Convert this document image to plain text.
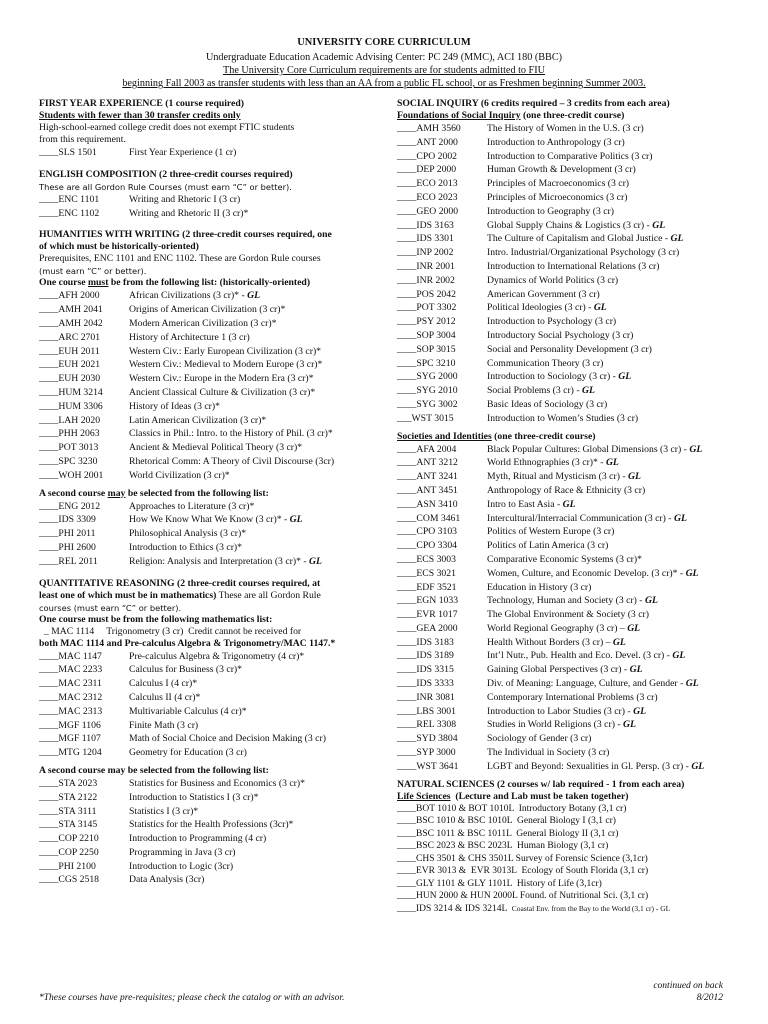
UNIVERSITY CORE CURRICULUM
Undergraduate Education Academic Advising Center: PC 249 (MMC), ACI 180 (BBC)
The University Core Curriculum requirements are for students admitted to FIU
beginning Fall 2003 as transfer students with less than an AA from a public FL school, or as Freshmen beginning Summer 2003.
FIRST YEAR EXPERIENCE (1 course required)
Students with fewer than 30 transfer credits only
High-school-earned college credit does not exempt FTIC students
from this requirement.
____SLS 1501	First Year Experience (1 cr)
ENGLISH COMPOSITION (2 three-credit courses required)
These are all Gordon Rule Courses (must earn “C” or better).
____ENC 1101	Writing and Rhetoric I (3 cr)
____ENC 1102	Writing and Rhetoric II (3 cr)*
HUMANITIES WITH WRITING (2 three-credit courses required, one
of which must be historically-oriented)
Prerequisites, ENC 1101 and ENC 1102. These are Gordon Rule courses
(must earn “C” or better).
One course must be from the following list: (historically-oriented)
____AFH 2000	African Civilizations (3 cr)* - GL
____AMH 2041	Origins of American Civilization (3 cr)*
____AMH 2042	Modern American Civilization (3 cr)*
____ARC 2701	History of Architecture 1 (3 cr)
____EUH 2011	Western Civ.: Early European Civilization (3 cr)*
____EUH 2021	Western Civ.: Medieval to Modern Europe (3 cr)*
____EUH 2030	Western Civ.: Europe in the Modern Era (3 cr)*
____HUM 3214	Ancient Classical Culture & Civilization (3 cr)*
____HUM 3306	History of Ideas (3 cr)*
____LAH 2020	Latin American Civilization (3 cr)*
____PHH 2063	Classics in Phil.: Intro. to the History of Phil. (3 cr)*
____POT 3013	Ancient & Medieval Political Theory (3 cr)*
____SPC 3230	Rhetorical Comm: A Theory of Civil Discourse (3cr)
____WOH 2001	World Civilization (3 cr)*
A second course may be selected from the following list:
____ENG 2012	Approaches to Literature (3 cr)*
____IDS 3309	How We Know What We Know (3 cr)* - GL
____PHI 2011	Philosophical Analysis (3 cr)*
____PHI 2600	Introduction to Ethics (3 cr)*
____REL 2011	Religion: Analysis and Interpretation (3 cr)* - GL
QUANTITATIVE REASONING (2 three-credit courses required, at
least one of which must be in mathematics) These are all Gordon Rule
courses (must earn “C” or better).
One course must be from the following mathematics list:
_ MAC 1114     Trigonometry (3 cr)  Credit cannot be received for
both MAC 1114 and Pre-calculus Algebra & Trigonometry/MAC 1147.*
____MAC 1147	Pre-calculus Algebra & Trigonometry (4 cr)*
____MAC 2233	Calculus for Business (3 cr)*
____MAC 2311	Calculus I (4 cr)*
____MAC 2312	Calculus II (4 cr)*
____MAC 2313	Multivariable Calculus (4 cr)*
____MGF 1106	Finite Math (3 cr)
____MGF 1107	Math of Social Choice and Decision Making (3 cr)
____MTG 1204	Geometry for Education (3 cr)
A second course may be selected from the following list:
____STA 2023	Statistics for Business and Economics (3 cr)*
____STA 2122	Introduction to Statistics I (3 cr)*
____STA 3111	Statistics I (3 cr)*
____STA 3145	Statistics for the Health Professions (3cr)*
____COP 2210	Introduction to Programming (4 cr)
____COP 2250	Programming in Java (3 cr)
____PHI 2100	Introduction to Logic (3cr)
____CGS 2518	Data Analysis (3cr)
SOCIAL INQUIRY (6 credits required – 3 credits from each area)
Foundations of Social Inquiry (one three-credit course)
____AMH 3560	The History of Women in the U.S. (3 cr)
____ANT 2000	Introduction to Anthropology (3 cr)
____CPO 2002	Introduction to Comparative Politics (3 cr)
____DEP 2000	Human Growth & Development (3 cr)
____ECO 2013	Principles of Macroeconomics (3 cr)
____ECO 2023	Principles of Microeconomics (3 cr)
____GEO 2000	Introduction to Geography (3 cr)
____IDS 3163	Global Supply Chains & Logistics (3 cr) - GL
____IDS 3301	The Culture of Capitalism and Global Justice - GL
____INP 2002	Intro. Industrial/Organizational Psychology (3 cr)
____INR 2001	Introduction to International Relations (3 cr)
____INR 2002	Dynamics of World Politics (3 cr)
____POS 2042	American Government (3 cr)
____POT 3302	Political Ideologies (3 cr) - GL
____PSY 2012	Introduction to Psychology (3 cr)
____SOP 3004	Introductory Social Psychology (3 cr)
____SOP 3015	Social and Personality Development (3 cr)
____SPC 3210	Communication Theory (3 cr)
____SYG 2000	Introduction to Sociology (3 cr) - GL
____SYG 2010	Social Problems (3 cr) - GL
____SYG 3002	Basic Ideas of Sociology (3 cr)
___WST 3015	Introduction to Women’s Studies (3 cr)
Societies and Identities (one three-credit course)
____AFA 2004	Black Popular Cultures: Global Dimensions (3 cr) - GL
____ANT 3212	World Ethnographies (3 cr)* - GL
____ANT 3241	Myth, Ritual and Mysticism (3 cr) - GL
____ANT 3451	Anthropology of Race & Ethnicity (3 cr)
____ASN 3410	Intro to East Asia - GL
____COM 3461	Intercultural/Interracial Communication (3 cr) - GL
____CPO 3103	Politics of Western Europe (3 cr)
____CPO 3304	Politics of Latin America (3 cr)
____ECS 3003	Comparative Economic Systems (3 cr)*
____ECS 3021	Women, Culture, and Economic Develop. (3 cr)* - GL
____EDF 3521	Education in History (3 cr)
____EGN 1033	Technology, Human and Society (3 cr) - GL
____EVR 1017	The Global Environment & Society (3 cr)
____GEA 2000	World Regional Geography (3 cr) – GL
____IDS 3183	Health Without Borders (3 cr) – GL
____IDS 3189	Int’l Nutr., Pub. Health and Eco. Devel. (3 cr) - GL
____IDS 3315	Gaining Global Perspectives (3 cr) - GL
____IDS 3333	Div. of Meaning: Language, Culture, and Gender - GL
____INR 3081	Contemporary International Problems (3 cr)
____LBS 3001	Introduction to Labor Studies (3 cr) - GL
____REL 3308	Studies in World Religions (3 cr) - GL
____SYD 3804	Sociology of Gender (3 cr)
____SYP 3000	The Individual in Society (3 cr)
____WST 3641	LGBT and Beyond: Sexualities in Gl. Persp. (3 cr) - GL
NATURAL SCIENCES (2 courses w/ lab required - 1 from each area)
Life Sciences  (Lecture and Lab must be taken together)
____BOT 1010 & BOT 1010L  Introductory Botany (3,1 cr)
____BSC 1010 & BSC 1010L  General Biology I (3,1 cr)
____BSC 1011 & BSC 1011L  General Biology II (3,1 cr)
____BSC 2023 & BSC 2023L  Human Biology (3,1 cr)
____CHS 3501 & CHS 3501L Survey of Forensic Science (3,1cr)
____EVR 3013 &  EVR 3013L  Ecology of South Florida (3,1 cr)
____GLY 1101 & GLY 1101L  History of Life (3,1cr)
____HUN 2000 & HUN 2000L Found. of Nutritional Sci. (3,1 cr)
____IDS 3214 & IDS 3214L  Coastal Env. from the Bay to the World (3,1 cr) - GL
continued on back
8/2012
*These courses have pre-requisites; please check the catalog or with an advisor.
